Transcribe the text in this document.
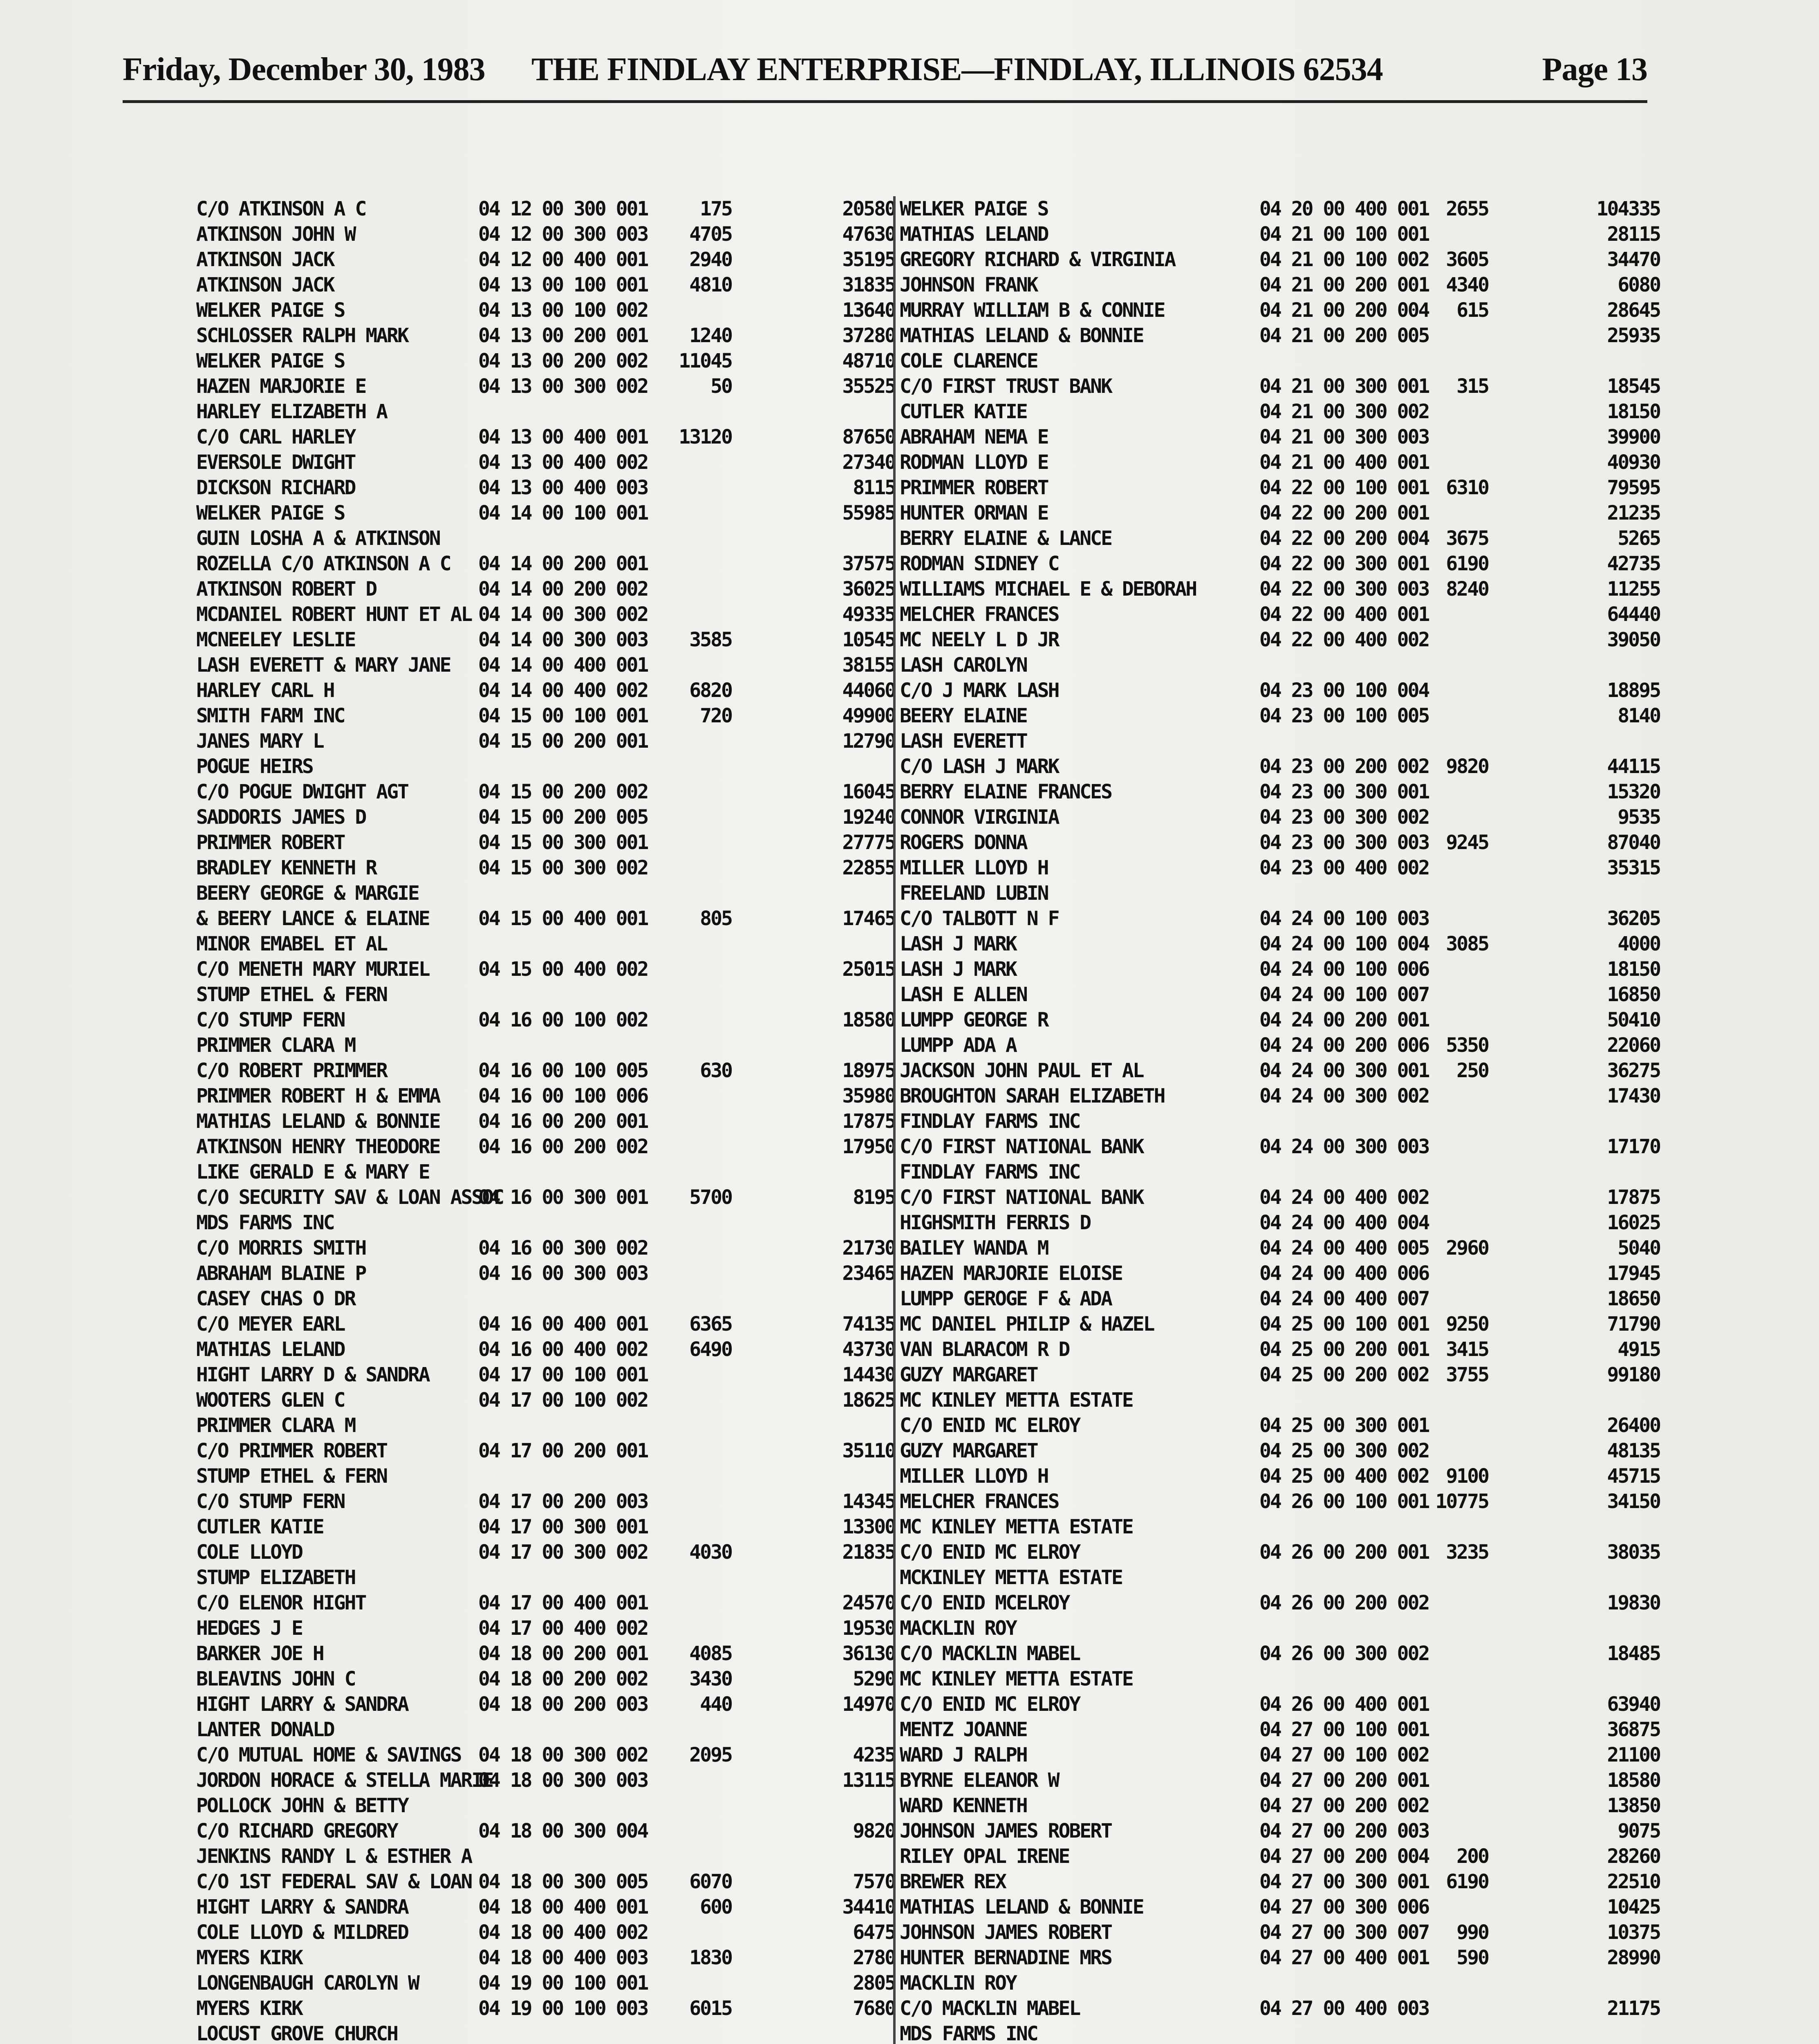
Friday, December 30, 1983 THE FINDLAY ENTERPRISE—FINDLAY, ILLINOIS 62534	Page 13
C/O ATKINSON A C	04 12 00 300 001	175	20580
ATKINSON JOHN W	04 12 00 300 003 4705	47630
ATKINSON JACK	04 12 00 400 001 2940	35195
ATKINSON JACK	04 13 00 100 001 4810	31835
WELKER PAIGE S	04 13 00 100 002	13640
SCHLOSSER RALPH MARK	04 13 00 200 001 1240	37280
WELKER PAIGE S	04 13 00 200 002 11045	48710
HAZEN MARJORIE E	04 13 00 300 002	50	35525
HARLEY ELIZABETH A
C/O CARL HARLEY	04 13 00 400 001 13120	87650
EVERSOLE DWIGHT	04 13 00 400 002	27340
DICKSON RICHARD	04 13 00 400 003	8115
WELKER PAIGE S	04 14 00 100 001	55985
GUIN LOSHA A & ATKINSON
ROZELLA C/O ATKINSON A C 04 14 00 200 001	37575
ATKINSON ROBERT D	04 14 00 200 002	36025
MCDANIEL ROBERT HUNT ET AL 04 14 00 300 002	49335
MCNEELEY LESLIE	04 14 00 300 003 3585	10545
LASH EVERETT & MARY JANE 04 14 00 400 001	38155
HARLEY CARL H	04 14 00 400 002 6820	44060
SMITH FARM INC	04 15 00 100 001	720	49900
JANES MARY L	04 15 00 200 001	12790
POGUE HEIRS
C/O POGUE DWIGHT AGT	04 15 00 200 002	16045
SADDORIS JAMES D	04 15 00 200 005	19240
PRIMMER ROBERT	04 15 00 300 001	27775
BRADLEY KENNETH R	04 15 00 300 002	22855
BEERY GEORGE & MARGIE
& BEERY LANCE & ELAINE	04 15 00 400 001	805	17465
MINOR EMABEL ET AL
C/O MENETH MARY MURIEL	04 15 00 400 002	25015
STUMP ETHEL & FERN
C/O STUMP FERN	04 16 00 100 002	18580
PRIMMER CLARA M
C/O ROBERT PRIMMER	04 16 00 100 005	630	18975
PRIMMER ROBERT H & EMMA 04 16 00 100 006	35980
MATHIAS LELAND & BONNIE 04 16 00 200 001	17875
ATKINSON HENRY THEODORE 04 16 00 200 002	17950
LIKE GERALD E & MARY E
C/O SECURITY SAV & LOAN ASSOC
04 16 00 300 001 5700	8195
MDS FARMS INC
C/O MORRIS SMITH	04 16 00 300 002	21730
ABRAHAM BLAINE P	04 16 00 300 003	23465
CASEY CHAS O DR
C/O MEYER EARL	04 16 00 400 001 6365	74135
MATHIAS LELAND	04 16 00 400 002 6490	43730
HIGHT LARRY D & SANDRA	04 17 00 100 001	14430
WOOTERS GLEN C	04 17 00 100 002	18625
PRIMMER CLARA M
C/O PRIMMER ROBERT	04 17 00 200 001	35110
STUMP ETHEL & FERN
C/O STUMP FERN	04 17 00 200 003	14345
CUTLER KATIE	04 17 00 300 001	13300
COLE LLOYD	04 17 00 300 002 4030	21835
STUMP ELIZABETH
C/O ELENOR HIGHT	04 17 00 400 001	24570
HEDGES J E	04 17 00 400 002	19530
BARKER JOE H	04 18 00 200 001 4085	36130
BLEAVINS JOHN C	04 18 00 200 002 3430	5290
HIGHT LARRY & SANDRA	04 18 00 200 003	440	14970
LANTER DONALD
C/O MUTUAL HOME & SAVINGS 04 18 00 300 002 2095	4235
JORDON HORACE & STELLA MARIE
04 18 00 300 003	13115
POLLOCK JOHN & BETTY
C/O RICHARD GREGORY	04 18 00 300 004	9820
JENKINS RANDY L & ESTHER A
C/O 1ST FEDERAL SAV & LOAN 04 18 00 300 005 6070	7570
HIGHT LARRY & SANDRA	04 18 00 400 001	600	34410
COLE LLOYD & MILDRED	04 18 00 400 002	6475
MYERS KIRK	04 18 00 400 003 1830	2780
LONGENBAUGH CAROLYN W	04 19 00 100 001	2805
MYERS KIRK	04 19 00 100 003 6015	7680
LOCUST GROVE CHURCH
WELKER PAIGE S	04 20 00 400 001 2655	104335
MATHIAS LELAND	04 21 00 100 001	28115
GREGORY RICHARD & VIRGINIA	04 21 00 100 002 3605	34470
JOHNSON FRANK	04 21 00 200 001 4340	6080
MURRAY WILLIAM B & CONNIE	04 21 00 200 004 615	28645
MATHIAS LELAND & BONNIE	04 21 00 200 005	25935
COLE CLARENCE
C/O FIRST TRUST BANK	04 21 00 300 001 315	18545
CUTLER KATIE	04 21 00 300 002	18150
ABRAHAM NEMA E	04 21 00 300 003	39900
RODMAN LLOYD E	04 21 00 400 001	40930
PRIMMER ROBERT	04 22 00 100 001 6310	79595
HUNTER ORMAN E	04 22 00 200 001	21235
BERRY ELAINE & LANCE	04 22 00 200 004 3675	5265
RODMAN SIDNEY C	04 22 00 300 001 6190	42735
WILLIAMS MICHAEL E & DEBORAH	04 22 00 300 003 8240	11255
MELCHER FRANCES	04 22 00 400 001	64440
MC NEELY L D JR	04 22 00 400 002	39050
LASH CAROLYN
C/O J MARK LASH	04 23 00 100 004	18895
BEERY ELAINE	04 23 00 100 005	8140
LASH EVERETT
C/O LASH J MARK	04 23 00 200 002 9820	44115
BERRY ELAINE FRANCES	04 23 00 300 001	15320
CONNOR VIRGINIA	04 23 00 300 002	9535
ROGERS DONNA	04 23 00 300 003 9245	87040
MILLER LLOYD H	04 23 00 400 002	35315
FREELAND LUBIN
C/O TALBOTT N F	04 24 00 100 003	36205
LASH J MARK	04 24 00 100 004 3085	4000
LASH J MARK	04 24 00 100 006	18150
LASH E ALLEN	04 24 00 100 007	16850
LUMPP GEORGE R	04 24 00 200 001	50410
LUMPP ADA A	04 24 00 200 006 5350	22060
JACKSON JOHN PAUL ET AL	04 24 00 300 001 250	36275
BROUGHTON SARAH ELIZABETH	04 24 00 300 002	17430
FINDLAY FARMS INC
C/O FIRST NATIONAL BANK	04 24 00 300 003	17170
FINDLAY FARMS INC
C/O FIRST NATIONAL BANK	04 24 00 400 002	17875
HIGHSMITH FERRIS D	04 24 00 400 004	16025
BAILEY WANDA M	04 24 00 400 005 2960	5040
HAZEN MARJORIE ELOISE	04 24 00 400 006	17945
LUMPP GEROGE F & ADA	04 24 00 400 007	18650
MC DANIEL PHILIP & HAZEL	04 25 00 100 001 9250	71790
VAN BLARACOM R D	04 25 00 200 001 3415	4915
GUZY MARGARET	04 25 00 200 002 3755	99180
MC KINLEY METTA ESTATE
C/O ENID MC ELROY	04 25 00 300 001	26400
GUZY MARGARET	04 25 00 300 002	48135
MILLER LLOYD H	04 25 00 400 002 9100	45715
MELCHER FRANCES	04 26 00 100 001 10775	34150
MC KINLEY METTA ESTATE
C/O ENID MC ELROY	04 26 00 200 001 3235	38035
MCKINLEY METTA ESTATE
C/O ENID MCELROY	04 26 00 200 002	19830
MACKLIN ROY
C/O MACKLIN MABEL	04 26 00 300 002	18485
MC KINLEY METTA ESTATE
C/O ENID MC ELROY	04 26 00 400 001	63940
MENTZ JOANNE	04 27 00 100 001	36875
WARD J RALPH	04 27 00 100 002	21100
BYRNE ELEANOR W	04 27 00 200 001	18580
WARD KENNETH	04 27 00 200 002	13850
JOHNSON JAMES ROBERT	04 27 00 200 003	9075
RILEY OPAL IRENE	04 27 00 200 004 200	28260
BREWER REX	04 27 00 300 001 6190	22510
MATHIAS LELAND & BONNIE	04 27 00 300 006	10425
JOHNSON JAMES ROBERT	04 27 00 300 007 990	10375
HUNTER BERNADINE MRS	04 27 00 400 001 590	28990
MACKLIN ROY
C/O MACKLIN MABEL	04 27 00 400 003	21175
MDS FARMS INC
